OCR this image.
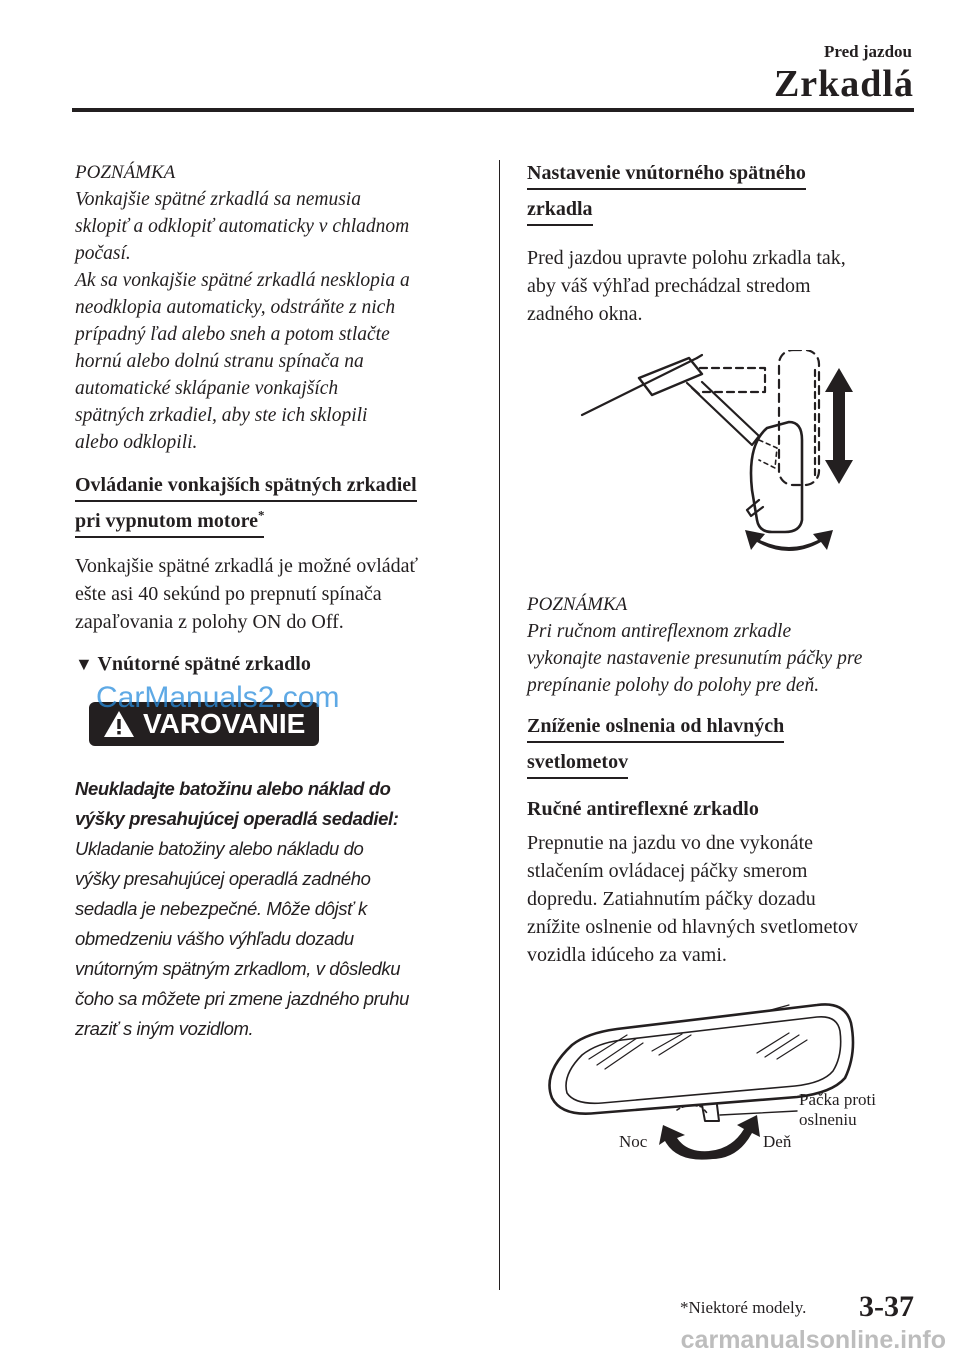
Pred jazdou
Zrkadlá

POZNÁMKA

Vonkajšie spätné zrkadlá sa nemusia

sklopiť a odklopiť automaticky v chladnom

počasí.

Ak sa vonkajšie spätné zrkadlá nesklopia a

neodklopia automaticky, odstráňte z nich

prípadný ľad alebo sneh a potom stlačte

hornú alebo dolnú stranu spínača na

automatické sklápanie vonkajších

spätných zrkadiel, aby ste ich sklopili

alebo odklopili.

Ovládanie vonkajších spätných zrkadiel
pri vypnutom motore*

Vonkajšie spätné zrkadlá je možné ovládať

ešte asi 40 sekúnd po prepnutí spínača

zapaľovania z polohy ON do Off.

▼ Vnútorné spätné zrkadlo
VAROVANIE

Neukladajte batožinu alebo náklad do

výšky presahujúcej operadlá sedadiel:

Ukladanie batožiny alebo nákladu do

výšky presahujúcej operadlá zadného

sedadla je nebezpečné. Môže dôjsť k

obmedzeniu vášho výhľadu dozadu

vnútorným spätným zrkadlom, v dôsledku

čoho sa môžete pri zmene jazdného pruhu

zraziť s iným vozidlom.

CarManuals2.com
Nastavenie vnútorného spätného
zrkadla

Pred jazdou upravte polohu zrkadla tak,

aby váš výhľad prechádzal stredom

zadného okna.

POZNÁMKA

Pri ručnom antireflexnom zrkadle

vykonajte nastavenie presunutím páčky pre

prepínanie polohy do polohy pre deň.

Zníženie oslnenia od hlavných
svetlometov

Ručné antireflexné zrkadlo

Prepnutie na jazdu vo dne vykonáte

stlačením ovládacej páčky smerom

dopredu. Zatiahnutím páčky dozadu

znížite oslnenie od hlavných svetlometov

vozidla idúceho za vami.

Páčka proti
oslneniu
Noc	Deň
*Niektoré modely. 3-37
carmanualsonline.info
